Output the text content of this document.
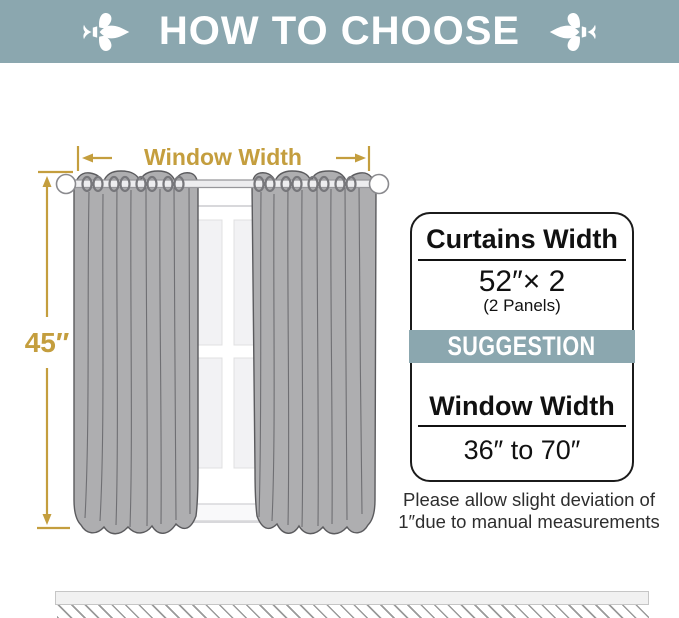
HOW TO CHOOSE
Window Width
45″
Curtains Width
52″× 2
(2 Panels)
SUGGESTION
Window Width
36″ to 70″
Please allow slight deviation of
1″due to manual measurements
